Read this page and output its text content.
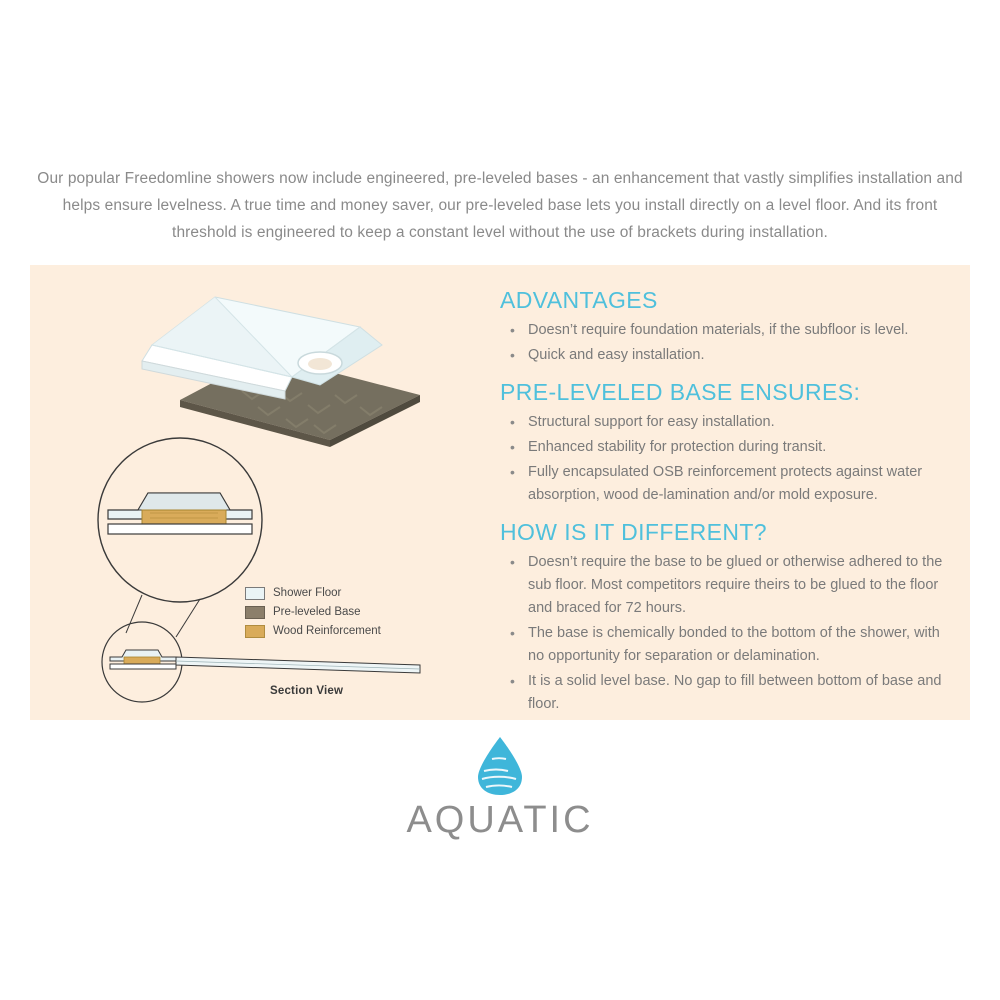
Our popular Freedomline showers now include engineered, pre-leveled bases - an enhancement that vastly simplifies installation and helps ensure levelness. A true time and money saver, our pre-leveled base lets you install directly on a level floor. And its front threshold is engineered to keep a constant level without the use of brackets during installation.
Shower Floor
Pre-leveled Base
Wood Reinforcement
Section View
ADVANTAGES
• Doesn’t require foundation materials, if the subfloor is level.
• Quick and easy installation.
PRE-LEVELED BASE ENSURES:
• Structural support for easy installation.
• Enhanced stability for protection during transit.
• Fully encapsulated OSB reinforcement protects against water absorption, wood de-lamination and/or mold exposure.
HOW IS IT DIFFERENT?
• Doesn’t require the base to be glued or otherwise adhered to the sub floor. Most competitors require theirs to be glued to the floor and braced for 72 hours.
• The base is chemically bonded to the bottom of the shower, with no opportunity for separation or delamination.
• It is a solid level base. No gap to fill between bottom of base and floor.
AQUATIC
